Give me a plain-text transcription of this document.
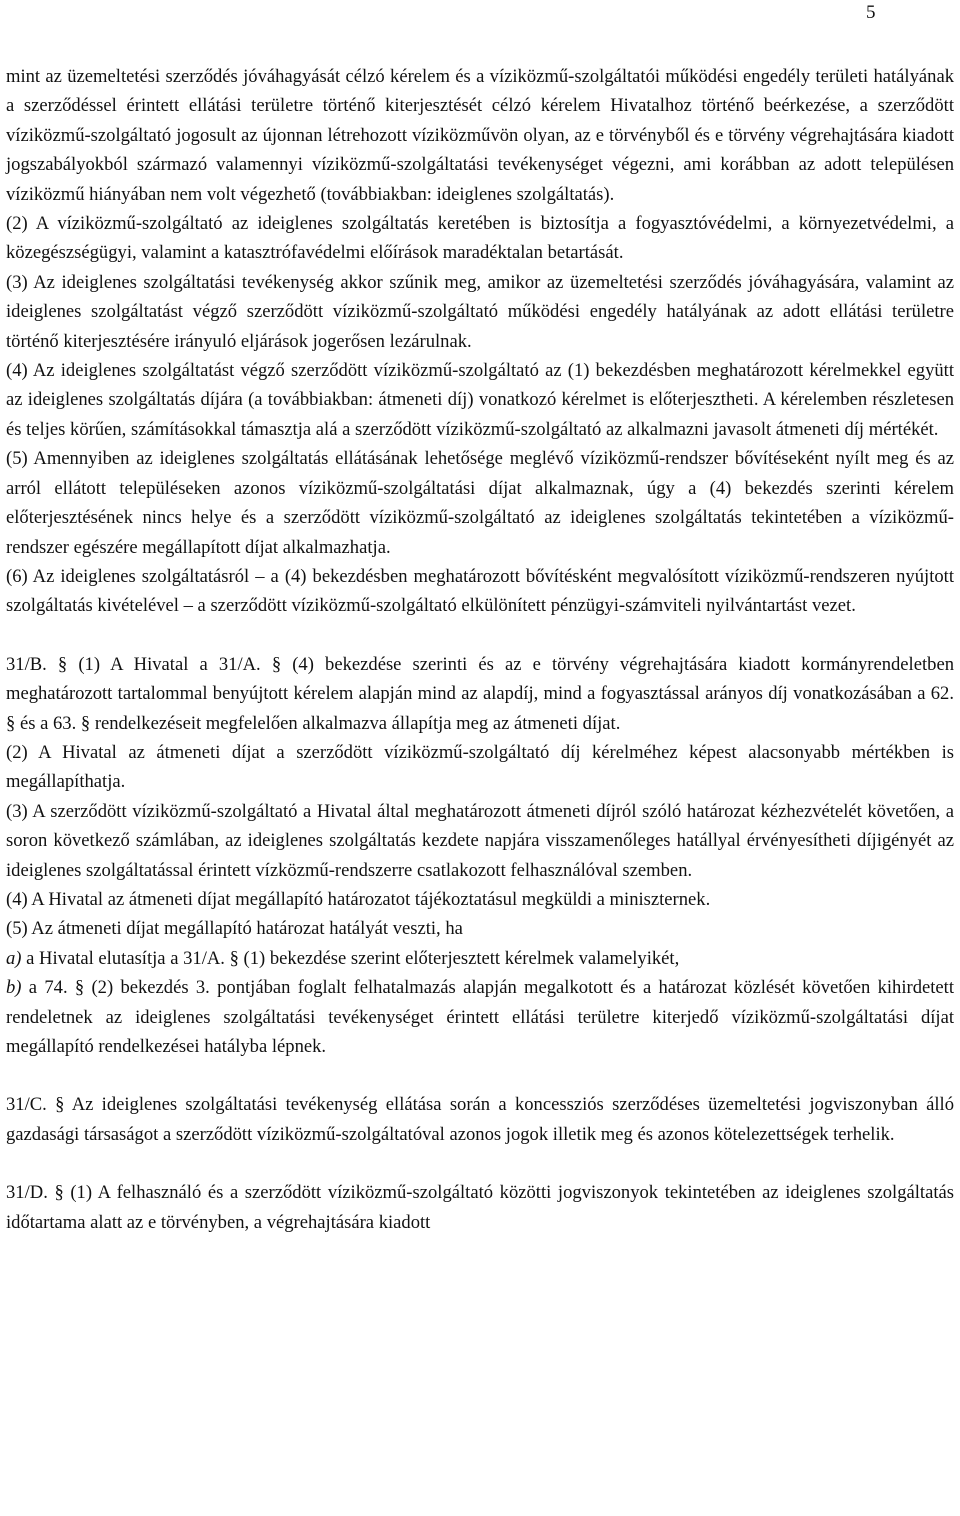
5

mint az üzemeltetési szerződés jóváhagyását célzó kérelem és a víziközmű-szolgáltatói működési engedély területi hatályának a szerződéssel érintett ellátási területre történő kiterjesztését célzó kérelem Hivatalhoz történő beérkezése, a szerződött víziközmű-szolgáltató jogosult az újonnan létrehozott víziközművön olyan, az e törvényből és e törvény végrehajtására kiadott jogszabályokból származó valamennyi víziközmű-szolgáltatási tevékenységet végezni, ami korábban az adott településen víziközmű hiányában nem volt végezhető (továbbiakban: ideiglenes szolgáltatás).

(2) A víziközmű-szolgáltató az ideiglenes szolgáltatás keretében is biztosítja a fogyasztóvédelmi, a környezetvédelmi, a közegészségügyi, valamint a katasztrófavédelmi előírások maradéktalan betartását.

(3) Az ideiglenes szolgáltatási tevékenység akkor szűnik meg, amikor az üzemeltetési szerződés jóváhagyására, valamint az ideiglenes szolgáltatást végző szerződött víziközmű-szolgáltató működési engedély hatályának az adott ellátási területre történő kiterjesztésére irányuló eljárások jogerősen lezárulnak.

(4) Az ideiglenes szolgáltatást végző szerződött víziközmű-szolgáltató az (1) bekezdésben meghatározott kérelmekkel együtt az ideiglenes szolgáltatás díjára (a továbbiakban: átmeneti díj) vonatkozó kérelmet is előterjesztheti. A kérelemben részletesen és teljes körűen, számításokkal támasztja alá a szerződött víziközmű-szolgáltató az alkalmazni javasolt átmeneti díj mértékét.

(5) Amennyiben az ideiglenes szolgáltatás ellátásának lehetősége meglévő víziközmű-rendszer bővítéseként nyílt meg és az arról ellátott településeken azonos víziközmű-szolgáltatási díjat alkalmaznak, úgy a (4) bekezdés szerinti kérelem előterjesztésének nincs helye és a szerződött víziközmű-szolgáltató az ideiglenes szolgáltatás tekintetében a víziközmű-rendszer egészére megállapított díjat alkalmazhatja.

(6) Az ideiglenes szolgáltatásról – a (4) bekezdésben meghatározott bővítésként megvalósított víziközmű-rendszeren nyújtott szolgáltatás kivételével – a szerződött víziközmű-szolgáltató elkülönített pénzügyi-számviteli nyilvántartást vezet.

31/B. § (1) A Hivatal a 31/A. § (4) bekezdése szerinti és az e törvény végrehajtására kiadott kormányrendeletben meghatározott tartalommal benyújtott kérelem alapján mind az alapdíj, mind a fogyasztással arányos díj vonatkozásában a 62. § és a 63. § rendelkezéseit megfelelően alkalmazva állapítja meg az átmeneti díjat.

(2) A Hivatal az átmeneti díjat a szerződött víziközmű-szolgáltató díj kérelméhez képest alacsonyabb mértékben is megállapíthatja.

(3) A szerződött víziközmű-szolgáltató a Hivatal által meghatározott átmeneti díjról szóló határozat kézhezvételét követően, a soron következő számlában, az ideiglenes szolgáltatás kezdete napjára visszamenőleges hatállyal érvényesítheti díjigényét az ideiglenes szolgáltatással érintett vízközmű-rendszerre csatlakozott felhasználóval szemben.

(4) A Hivatal az átmeneti díjat megállapító határozatot tájékoztatásul megküldi a miniszternek.

(5) Az átmeneti díjat megállapító határozat hatályát veszti, ha

a) a Hivatal elutasítja a 31/A. § (1) bekezdése szerint előterjesztett kérelmek valamelyikét,

b) a 74. § (2) bekezdés 3. pontjában foglalt felhatalmazás alapján megalkotott és a határozat közlését követően kihirdetett rendeletnek az ideiglenes szolgáltatási tevékenységet érintett ellátási területre kiterjedő víziközmű-szolgáltatási díjat megállapító rendelkezései hatályba lépnek.

31/C. § Az ideiglenes szolgáltatási tevékenység ellátása során a koncessziós szerződéses üzemeltetési jogviszonyban álló gazdasági társaságot a szerződött víziközmű-szolgáltatóval azonos jogok illetik meg és azonos kötelezettségek terhelik.

31/D. § (1) A felhasználó és a szerződött víziközmű-szolgáltató közötti jogviszonyok tekintetében az ideiglenes szolgáltatás időtartama alatt az e törvényben, a végrehajtására kiadott
